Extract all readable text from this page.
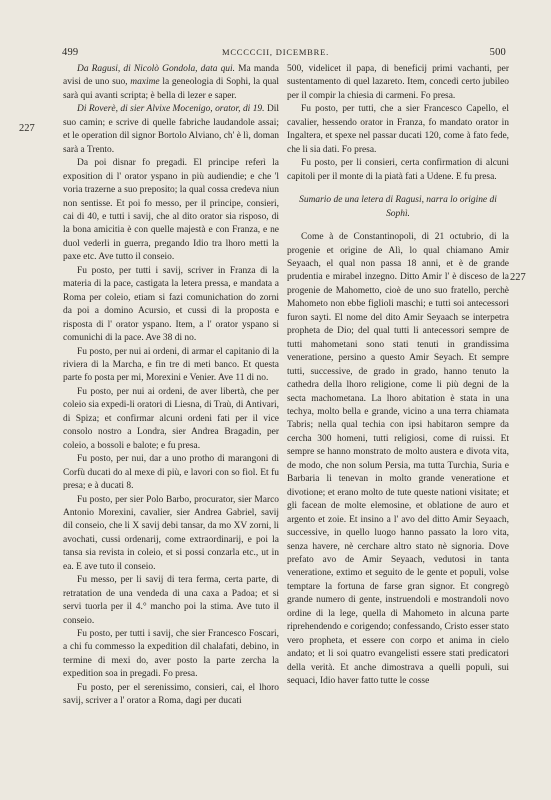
499	MCCCCCII, DICEMBRE.	500
227
227

Da Ragusi, di Nicolò Gondola, data qui. Ma manda avisi de uno suo, maxime la geneologia di Sophi, la qual sarà qui avanti scripta; è bella di lezer e saper.

Di Roverè, di sier Alvixe Mocenigo, orator, di 19. Dil suo camin; e scrive di quelle fabriche laudandole assai; et le operation dil signor Bortolo Alviano, ch' è lì, doman sarà a Trento.

Da poi disnar fo pregadi. El principe referì la exposition di l' orator yspano in più audiendie; e che 'l voria trazerne a suo preposito; la qual cossa credeva niun non sentisse. Et poi fo messo, per il principe, consieri, cai di 40, e tutti i savij, che al dito orator sia risposo, di la bona amicitia è con quelle majestà e con Franza, e ne duol vederli in guerra, pregando Idio tra lhoro metti la paxe etc. Ave tutto il conseio.

Fu posto, per tutti i savij, scriver in Franza di la materia di la pace, castigata la letera pressa, e mandata a Roma per coleio, etiam si fazi comunichation do zorni da poi a domino Acursio, et cussi di la proposta e risposta di l' orator yspano. Item, a l' orator yspano si comunichi di la pace. Ave 38 di no.

Fu posto, per nui ai ordeni, di armar el capitanio di la riviera di la Marcha, e fin tre di meti banco. Et questa parte fo posta per mi, Morexini e Venier. Ave 11 di no.

Fu posto, per nui ai ordeni, de aver libertà, che per coleio sia expedi-li oratori di Liesna, di Traù, di Antivari, di Spiza; et confirmar alcuni ordeni fati per il vice consolo nostro a Londra, sier Andrea Bragadin, per coleio, a bossoli e balote; e fu presa.

Fu posto, per nui, dar a uno protho di marangoni di Corfù ducati do al mexe di più, e lavori con so fiol. Et fu presa; e à ducati 8.

Fu posto, per sier Polo Barbo, procurator, sier Marco Antonio Morexini, cavalier, sier Andrea Gabriel, savij dil conseio, che li X savij debi tansar, da mo XV zorni, li avochati, cussi ordenarij, come extraordinarij, e poi la tansa sia revista in coleio, et si possi conzarla etc., ut in ea. E ave tuto il conseio.

Fu messo, per li savij di tera ferma, certa parte, di retratation de una vendeda di una caxa a Padoa; et si servi tuorla per il 4.° mancho poi la stima. Ave tuto il conseio.

Fu posto, per tutti i savij, che sier Francesco Foscari, a chi fu commesso la expedition dil chalafati, debino, in termine di mexi do, aver posto la parte zercha la expedition soa in pregadi. Fo presa.

Fu posto, per el serenissimo, consieri, cai, el lhoro savij, scriver a l' orator a Roma, dagi per ducati

500, videlicet il papa, di beneficij primi vachanti, per sustentamento di quel lazareto. Item, concedi certo jubileo per il compir la chiesia di carmeni. Fo presa.

Fu posto, per tutti, che a sier Francesco Capello, el cavalier, hessendo orator in Franza, fo mandato orator in Ingaltera, et spexe nel passar ducati 120, come à fato fede, che li sia dati. Fo presa.

Fu posto, per li consieri, certa confirmation di alcuni capitoli per il monte di la piatà fati a Udene. E fu presa.

Sumario de una letera di Ragusi, narra lo origine di Sophì.

Come à de Constantinopoli, di 21 octubrio, di la progenie et origine de Alì, lo qual chiamano Amir Seyaach, el qual non passa 18 anni, et è de grande prudentia e mirabel inzegno. Ditto Amir l' è disceso de la progenie de Mahometto, cioè de uno suo fratello, perchè Mahometo non ebbe figlioli maschi; e tutti soi antecessori furon sayti. El nome del dito Amir Seyaach se interpetra propheta de Dio; del qual tutti li antecessori sempre de tutti mahometani sono stati tenuti in grandissima veneratione, persino a questo Amir Seyach. Et sempre tutti, successive, de grado in grado, hanno tenuto la cathedra della lhoro religione, come li più degni de la secta machometana. La lhoro abitation è stata in una techya, molto bella e grande, vicino a una terra chiamata Tabris; nella qual techia con ipsi habitaron sempre da cercha 300 homeni, tutti religiosi, come di ruissi. Et sempre se hanno monstrato de molto austera e divota vita, de modo, che non solum Persia, ma tutta Turchia, Suria e Barbaria li tenevan in molto grande veneratione et divotione; et erano molto de tute queste nationi visitate; et gli facean de molte elemosine, et oblatione de auro et argento et zoie. Et insino a l' avo del ditto Amir Seyaach, successive, in quello luogo hanno passato la loro vita, senza havere, nè cerchare altro stato nè signoria. Dove prefato avo de Amir Seyaach, vedutosi in tanta veneratione, extimo et seguito de le gente et populi, volse temptare la fortuna de farse gran signor. Et congregò grande numero di gente, instruendoli e mostrandoli novo ordine di la lege, quella di Mahometo in alcuna parte riprehendendo e corigendo; confessando, Cristo esser stato vero propheta, et essere con corpo et anima in cielo andato; et li soi quatro evangelisti essere stati predicatori della verità. Et anche dimostrava a quelli populi, sui sequaci, Idio haver fatto tutte le cosse
